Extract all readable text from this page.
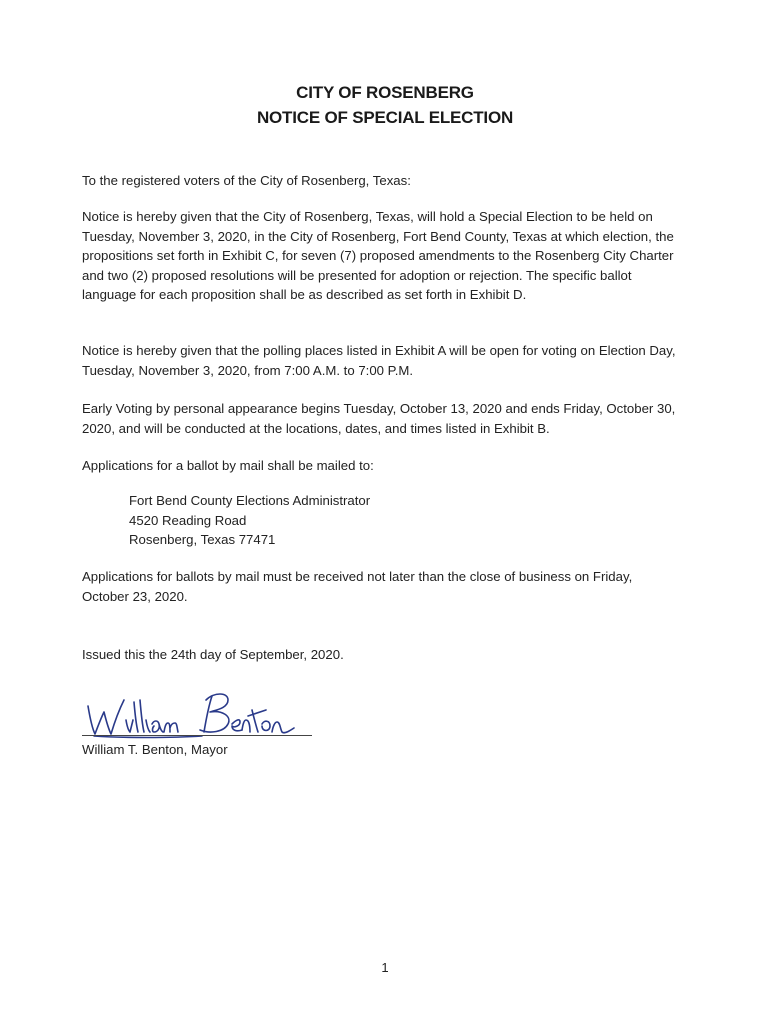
CITY OF ROSENBERG
NOTICE OF SPECIAL ELECTION

To the registered voters of the City of Rosenberg, Texas:

Notice is hereby given that the City of Rosenberg, Texas, will hold a Special Election to be held on Tuesday, November 3, 2020, in the City of Rosenberg, Fort Bend County, Texas at which election, the propositions set forth in Exhibit C, for seven (7) proposed amendments to the Rosenberg City Charter and two (2) proposed resolutions will be presented for adoption or rejection. The specific ballot language for each proposition shall be as described as set forth in Exhibit D.

Notice is hereby given that the polling places listed in Exhibit A will be open for voting on Election Day, Tuesday, November 3, 2020, from 7:00 A.M. to 7:00 P.M.

Early Voting by personal appearance begins Tuesday, October 13, 2020 and ends Friday, October 30, 2020, and will be conducted at the locations, dates, and times listed in Exhibit B.

Applications for a ballot by mail shall be mailed to:

Fort Bend County Elections Administrator
4520 Reading Road
Rosenberg, Texas 77471

Applications for ballots by mail must be received not later than the close of business on Friday, October 23, 2020.

Issued this the 24th day of September, 2020.

William T. Benton, Mayor
1
